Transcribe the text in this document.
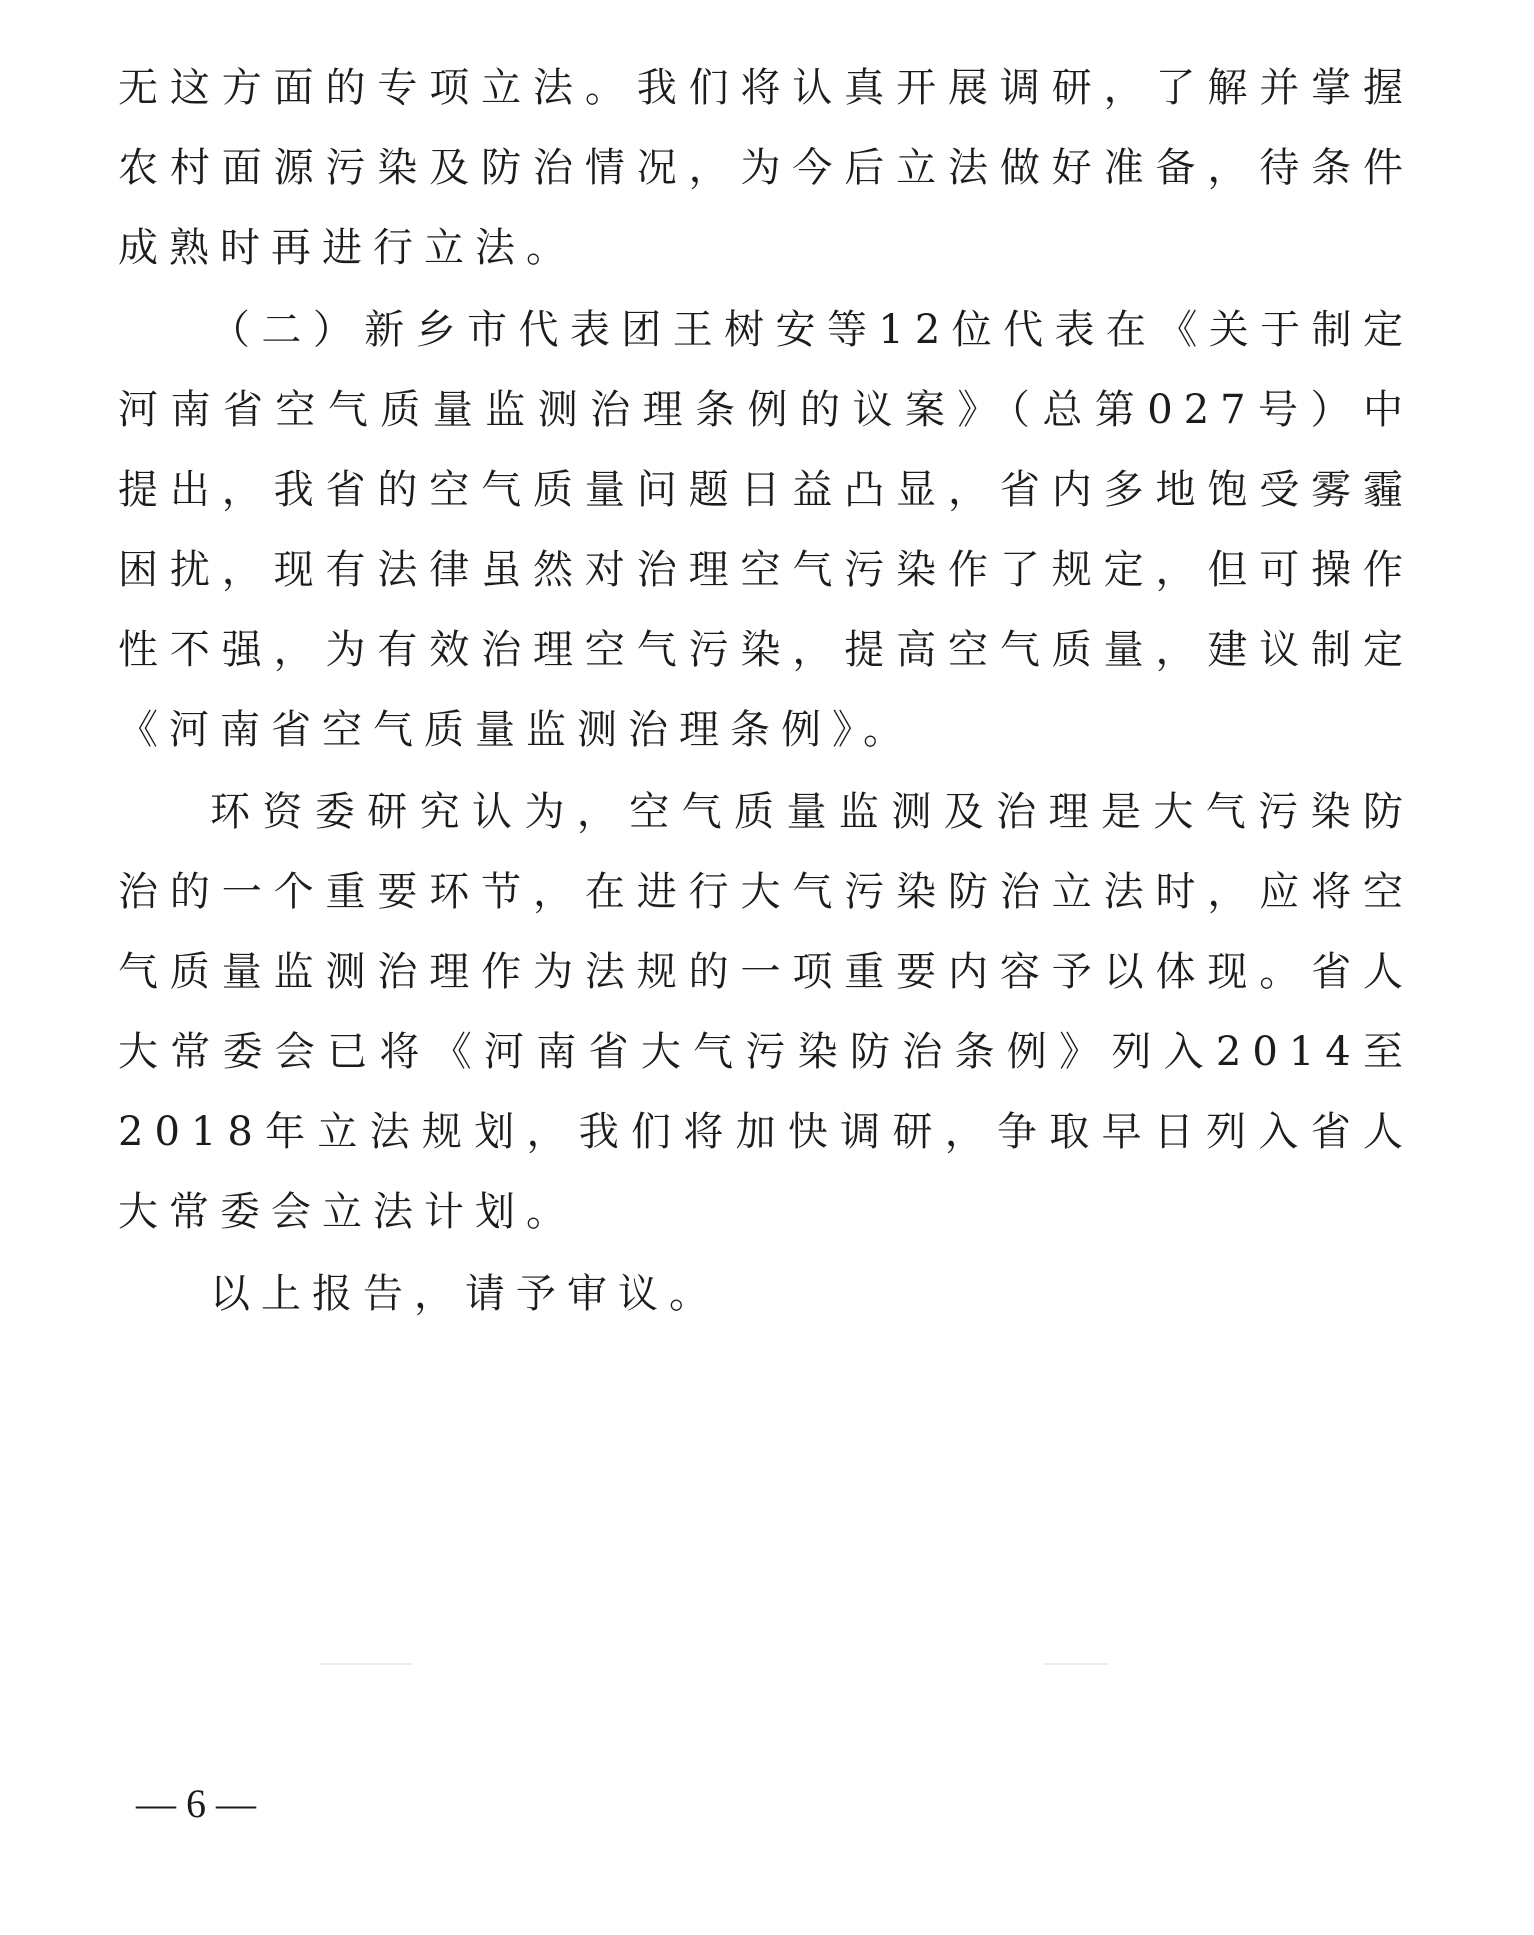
无这方面的专项立法。我们将认真开展调研，了解并掌握农村面源污染及防治情况，为今后立法做好准备，待条件成熟时再进行立法。

（二）新乡市代表团王树安等12位代表在《关于制定河南省空气质量监测治理条例的议案》（总第027号）中提出，我省的空气质量问题日益凸显，省内多地饱受雾霾困扰，现有法律虽然对治理空气污染作了规定，但可操作性不强，为有效治理空气污染，提高空气质量，建议制定《河南省空气质量监测治理条例》。

环资委研究认为，空气质量监测及治理是大气污染防治的一个重要环节，在进行大气污染防治立法时，应将空气质量监测治理作为法规的一项重要内容予以体现。省人大常委会已将《河南省大气污染防治条例》列入2014至2018年立法规划，我们将加快调研，争取早日列入省人大常委会立法计划。

以上报告，请予审议。

— 6 —
